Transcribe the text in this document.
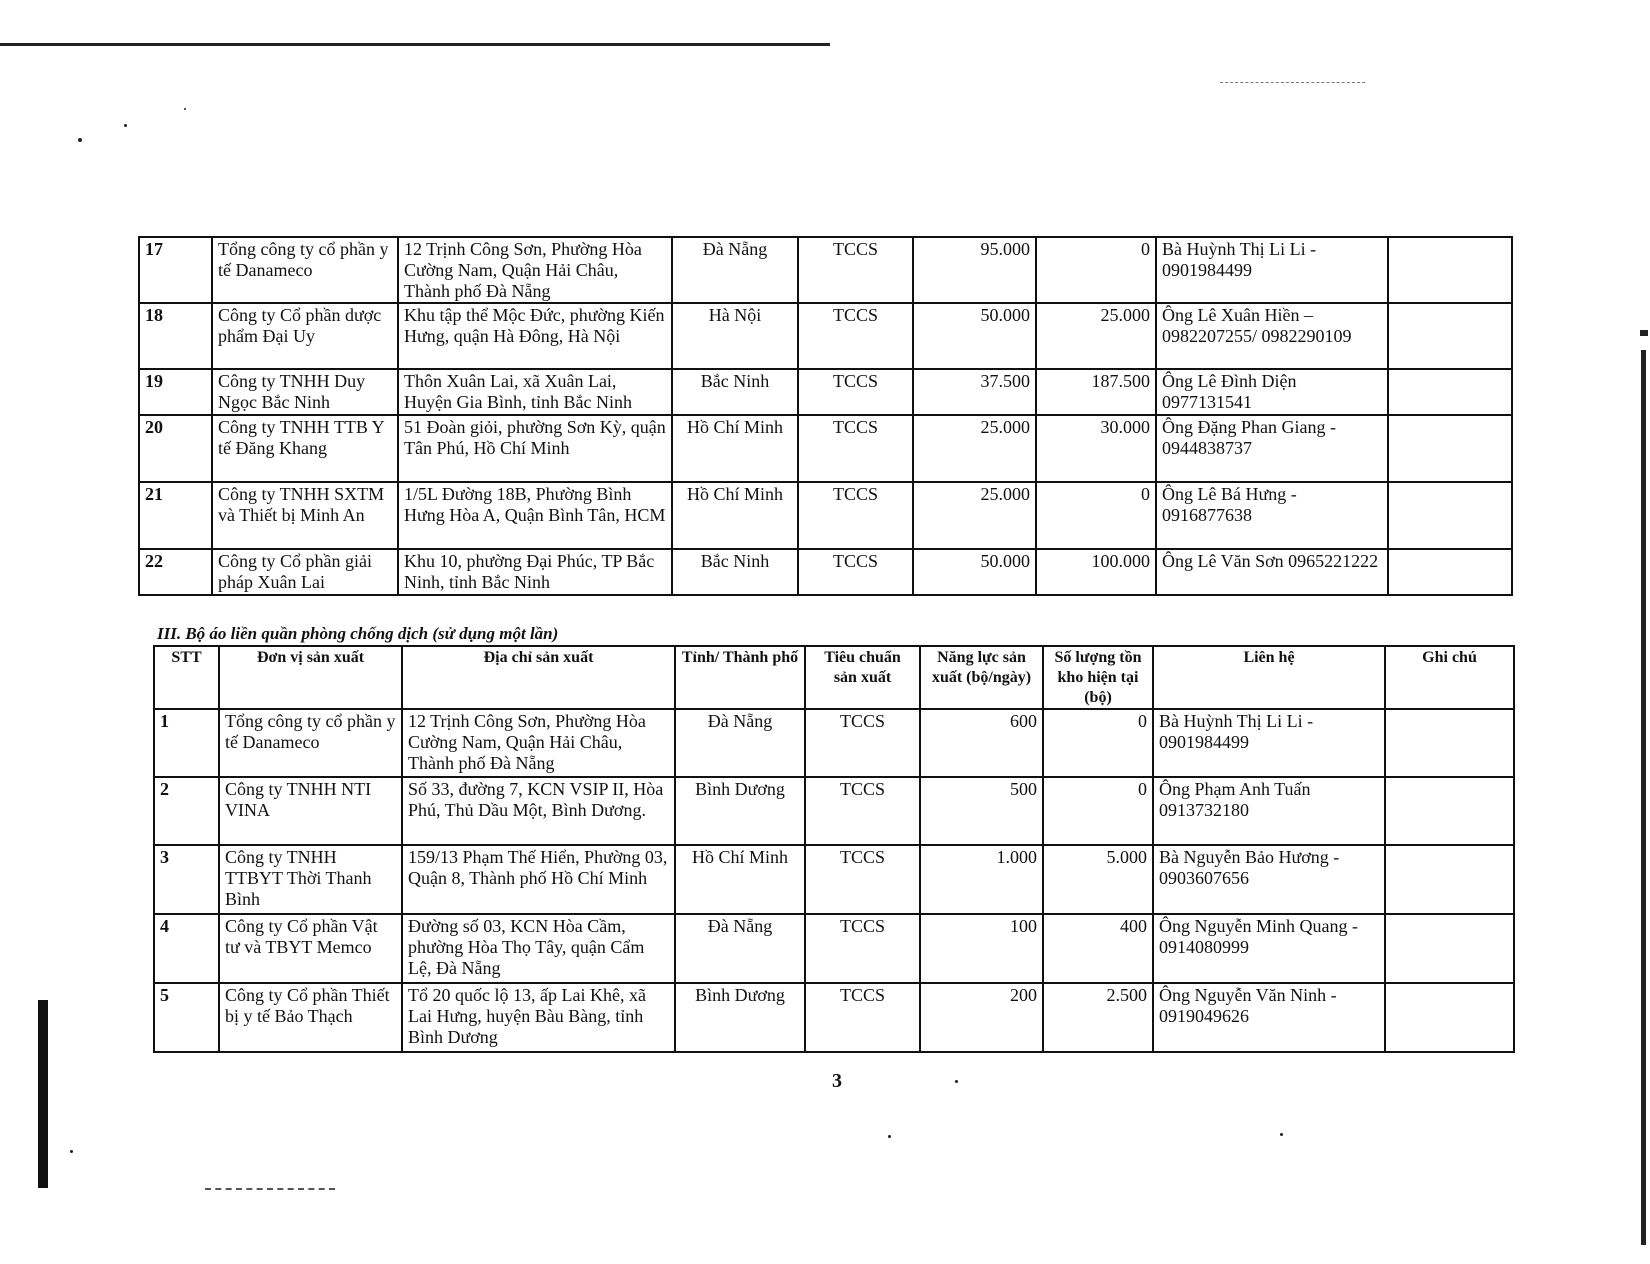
17	Tổng công ty cổ phần y tế Danameco	12 Trịnh Công Sơn, Phường Hòa Cường Nam, Quận Hải Châu, Thành phố Đà Nẵng	Đà Nẵng	TCCS	95.000	0	Bà Huỳnh Thị Li Li - 0901984499	
18	Công ty Cổ phần dược phẩm Đại Uy	Khu tập thể Mộc Đức, phường Kiến Hưng, quận Hà Đông, Hà Nội	Hà Nội	TCCS	50.000	25.000	Ông Lê Xuân Hiền – 0982207255/ 0982290109	
19	Công ty TNHH Duy Ngọc Bắc Ninh	Thôn Xuân Lai, xã Xuân Lai, Huyện Gia Bình, tỉnh Bắc Ninh	Bắc Ninh	TCCS	37.500	187.500	Ông Lê Đình Diện 0977131541	
20	Công ty TNHH TTB Y tế Đăng Khang	51 Đoàn giỏi, phường Sơn Kỳ, quận Tân Phú, Hồ Chí Minh	Hồ Chí Minh	TCCS	25.000	30.000	Ông Đặng Phan Giang - 0944838737	
21	Công ty TNHH SXTM và Thiết bị Minh An	1/5L Đường 18B, Phường Bình Hưng Hòa A, Quận Bình Tân, HCM	Hồ Chí Minh	TCCS	25.000	0	Ông Lê Bá Hưng - 0916877638	
22	Công ty Cổ phần giải pháp Xuân Lai	Khu 10, phường Đại Phúc, TP Bắc Ninh, tỉnh Bắc Ninh	Bắc Ninh	TCCS	50.000	100.000	Ông Lê Văn Sơn 0965221222	
III. Bộ áo liền quần phòng chống dịch (sử dụng một lần)
STT	Đơn vị sản xuất	Địa chỉ sản xuất	Tỉnh/ Thành phố	Tiêu chuẩn sản xuất	Năng lực sản xuất (bộ/ngày)	Số lượng tồn kho hiện tại (bộ)	Liên hệ	Ghi chú
1	Tổng công ty cổ phần y tế Danameco	12 Trịnh Công Sơn, Phường Hòa Cường Nam, Quận Hải Châu, Thành phố Đà Nẵng	Đà Nẵng	TCCS	600	0	Bà Huỳnh Thị Li Li - 0901984499	
2	Công ty TNHH NTI VINA	Số 33, đường 7, KCN VSIP II, Hòa Phú, Thủ Dầu Một, Bình Dương.	Bình Dương	TCCS	500	0	Ông Phạm Anh Tuấn 0913732180	
3	Công ty TNHH TTBYT Thời Thanh Bình	159/13 Phạm Thế Hiển, Phường 03, Quận 8, Thành phố Hồ Chí Minh	Hồ Chí Minh	TCCS	1.000	5.000	Bà Nguyễn Bảo Hương - 0903607656	
4	Công ty Cổ phần Vật tư và TBYT Memco	Đường số 03, KCN Hòa Cầm, phường Hòa Thọ Tây, quận Cẩm Lệ, Đà Nẵng	Đà Nẵng	TCCS	100	400	Ông Nguyễn Minh Quang - 0914080999	
5	Công ty Cổ phần Thiết bị y tế Bảo Thạch	Tổ 20 quốc lộ 13, ấp Lai Khê, xã Lai Hưng, huyện Bàu Bàng, tỉnh Bình Dương	Bình Dương	TCCS	200	2.500	Ông Nguyễn Văn Ninh - 0919049626	
3
